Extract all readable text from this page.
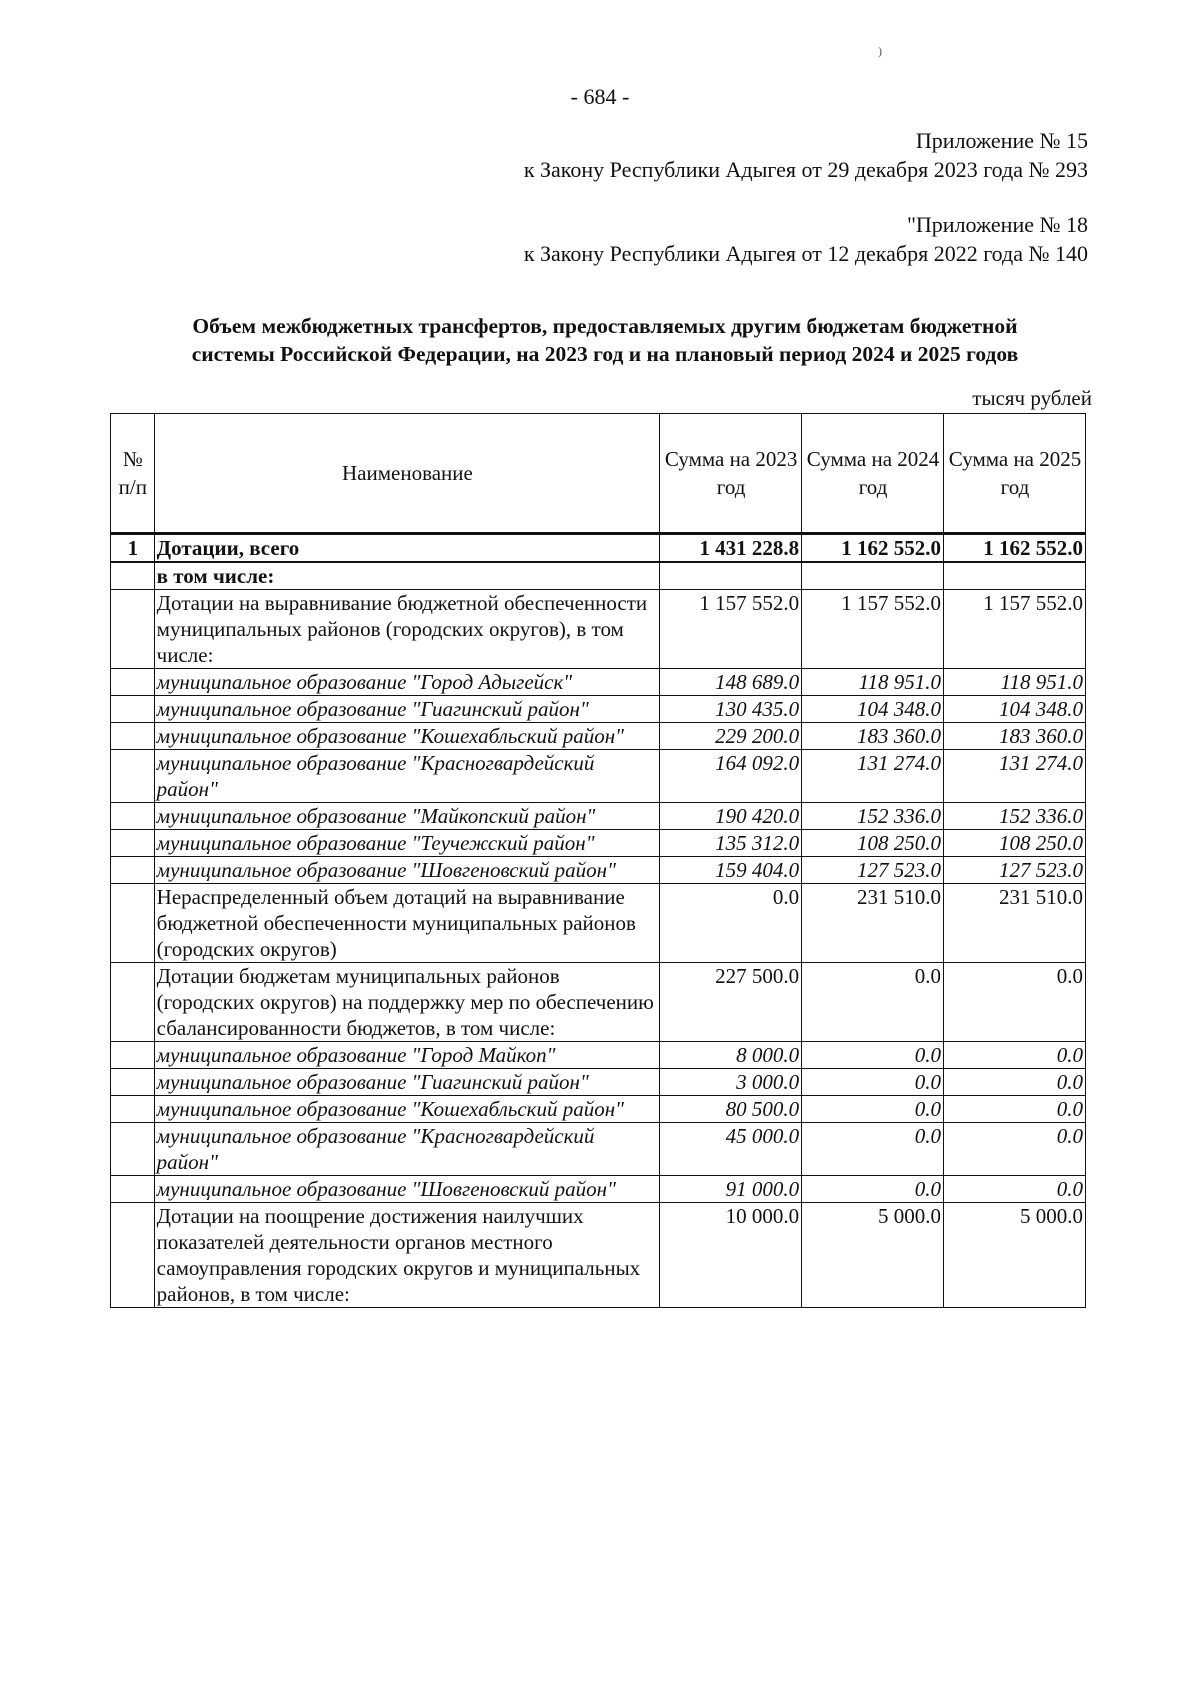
)
- 684 -
Приложение № 15
к Закону Республики Адыгея от 29 декабря 2023 года № 293
"Приложение № 18
к Закону Республики Адыгея от 12 декабря 2022 года № 140
Объем межбюджетных трансфертов, предоставляемых другим бюджетам бюджетной
системы Российской Федерации, на 2023 год и на плановый период 2024 и 2025 годов
тысяч рублей
№ п/п	Наименование	Сумма на 2023 год	Сумма на 2024 год	Сумма на 2025 год
1	Дотации, всего	1 431 228.8	1 162 552.0	1 162 552.0
	в том числе:			
	Дотации на выравнивание бюджетной обеспеченности муниципальных районов (городских округов), в том числе:	1 157 552.0	1 157 552.0	1 157 552.0
	муниципальное образование "Город Адыгейск"	148 689.0	118 951.0	118 951.0
	муниципальное образование "Гиагинский район"	130 435.0	104 348.0	104 348.0
	муниципальное образование "Кошехабльский район"	229 200.0	183 360.0	183 360.0
	муниципальное образование "Красногвардейский район"	164 092.0	131 274.0	131 274.0
	муниципальное образование "Майкопский район"	190 420.0	152 336.0	152 336.0
	муниципальное образование "Теучежский район"	135 312.0	108 250.0	108 250.0
	муниципальное образование "Шовгеновский район"	159 404.0	127 523.0	127 523.0
	Нераспределенный объем дотаций на выравнивание бюджетной обеспеченности муниципальных районов (городских округов)	0.0	231 510.0	231 510.0
	Дотации бюджетам муниципальных районов (городских округов) на поддержку мер по обеспечению сбалансированности бюджетов, в том числе:	227 500.0	0.0	0.0
	муниципальное образование "Город Майкоп"	8 000.0	0.0	0.0
	муниципальное образование "Гиагинский район"	3 000.0	0.0	0.0
	муниципальное образование "Кошехабльский район"	80 500.0	0.0	0.0
	муниципальное образование "Красногвардейский район"	45 000.0	0.0	0.0
	муниципальное образование "Шовгеновский район"	91 000.0	0.0	0.0
	Дотации на поощрение достижения наилучших показателей деятельности органов местного самоуправления городских округов и муниципальных районов, в том числе:	10 000.0	5 000.0	5 000.0
